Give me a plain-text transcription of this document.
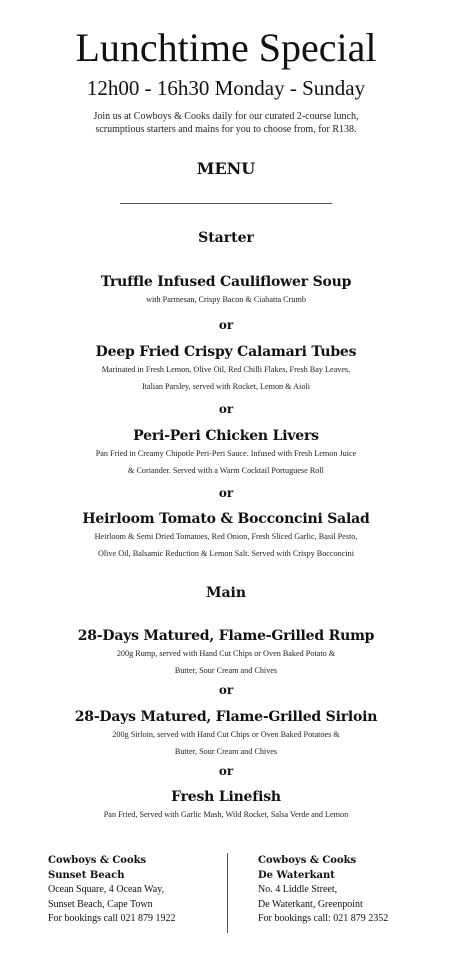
Lunchtime Special
12h00 - 16h30 Monday - Sunday
Join us at Cowboys & Cooks daily for our curated 2-course lunch,
scrumptious starters and mains for you to choose from, for R138.
MENU
Starter
Truffle Infused Cauliflower Soup
with Parmesan, Crispy Bacon & Ciabatta Crumb
or
Deep Fried Crispy Calamari Tubes
Marinated in Fresh Lemon, Olive Oil, Red Chilli Flakes, Fresh Bay Leaves,
Italian Parsley, served with Rocket, Lemon & Aioli
or
Peri-Peri Chicken Livers
Pan Fried in Creamy Chipotle Peri-Peri Sauce. Infused with Fresh Lemon Juice
& Coriander. Served with a Warm Cocktail Portuguese Roll
or
Heirloom Tomato & Bocconcini Salad
Heirloom & Semi Dried Tomatoes, Red Onion, Fresh Sliced Garlic, Basil Pesto,
Olive Oil, Balsamic Reduction & Lemon Salt. Served with Crispy Bocconcini
Main
28-Days Matured, Flame-Grilled Rump
200g Rump, served with Hand Cut Chips or Oven Baked Potato &
Butter, Sour Cream and Chives
or
28-Days Matured, Flame-Grilled Sirloin
200g Sirloin, served with Hand Cut Chips or Oven Baked Potatoes &
Butter, Sour Cream and Chives
or
Fresh Linefish
Pan Fried, Served with Garlic Mash, Wild Rocket, Salsa Verde and Lemon
Cowboys & Cooks
Sunset Beach
Ocean Square, 4 Ocean Way,
Sunset Beach, Cape Town
For bookings call 021 879 1922
Cowboys & Cooks
De Waterkant
No. 4 Liddle Street,
De Waterkant, Greenpoint
For bookings call: 021 879 2352
